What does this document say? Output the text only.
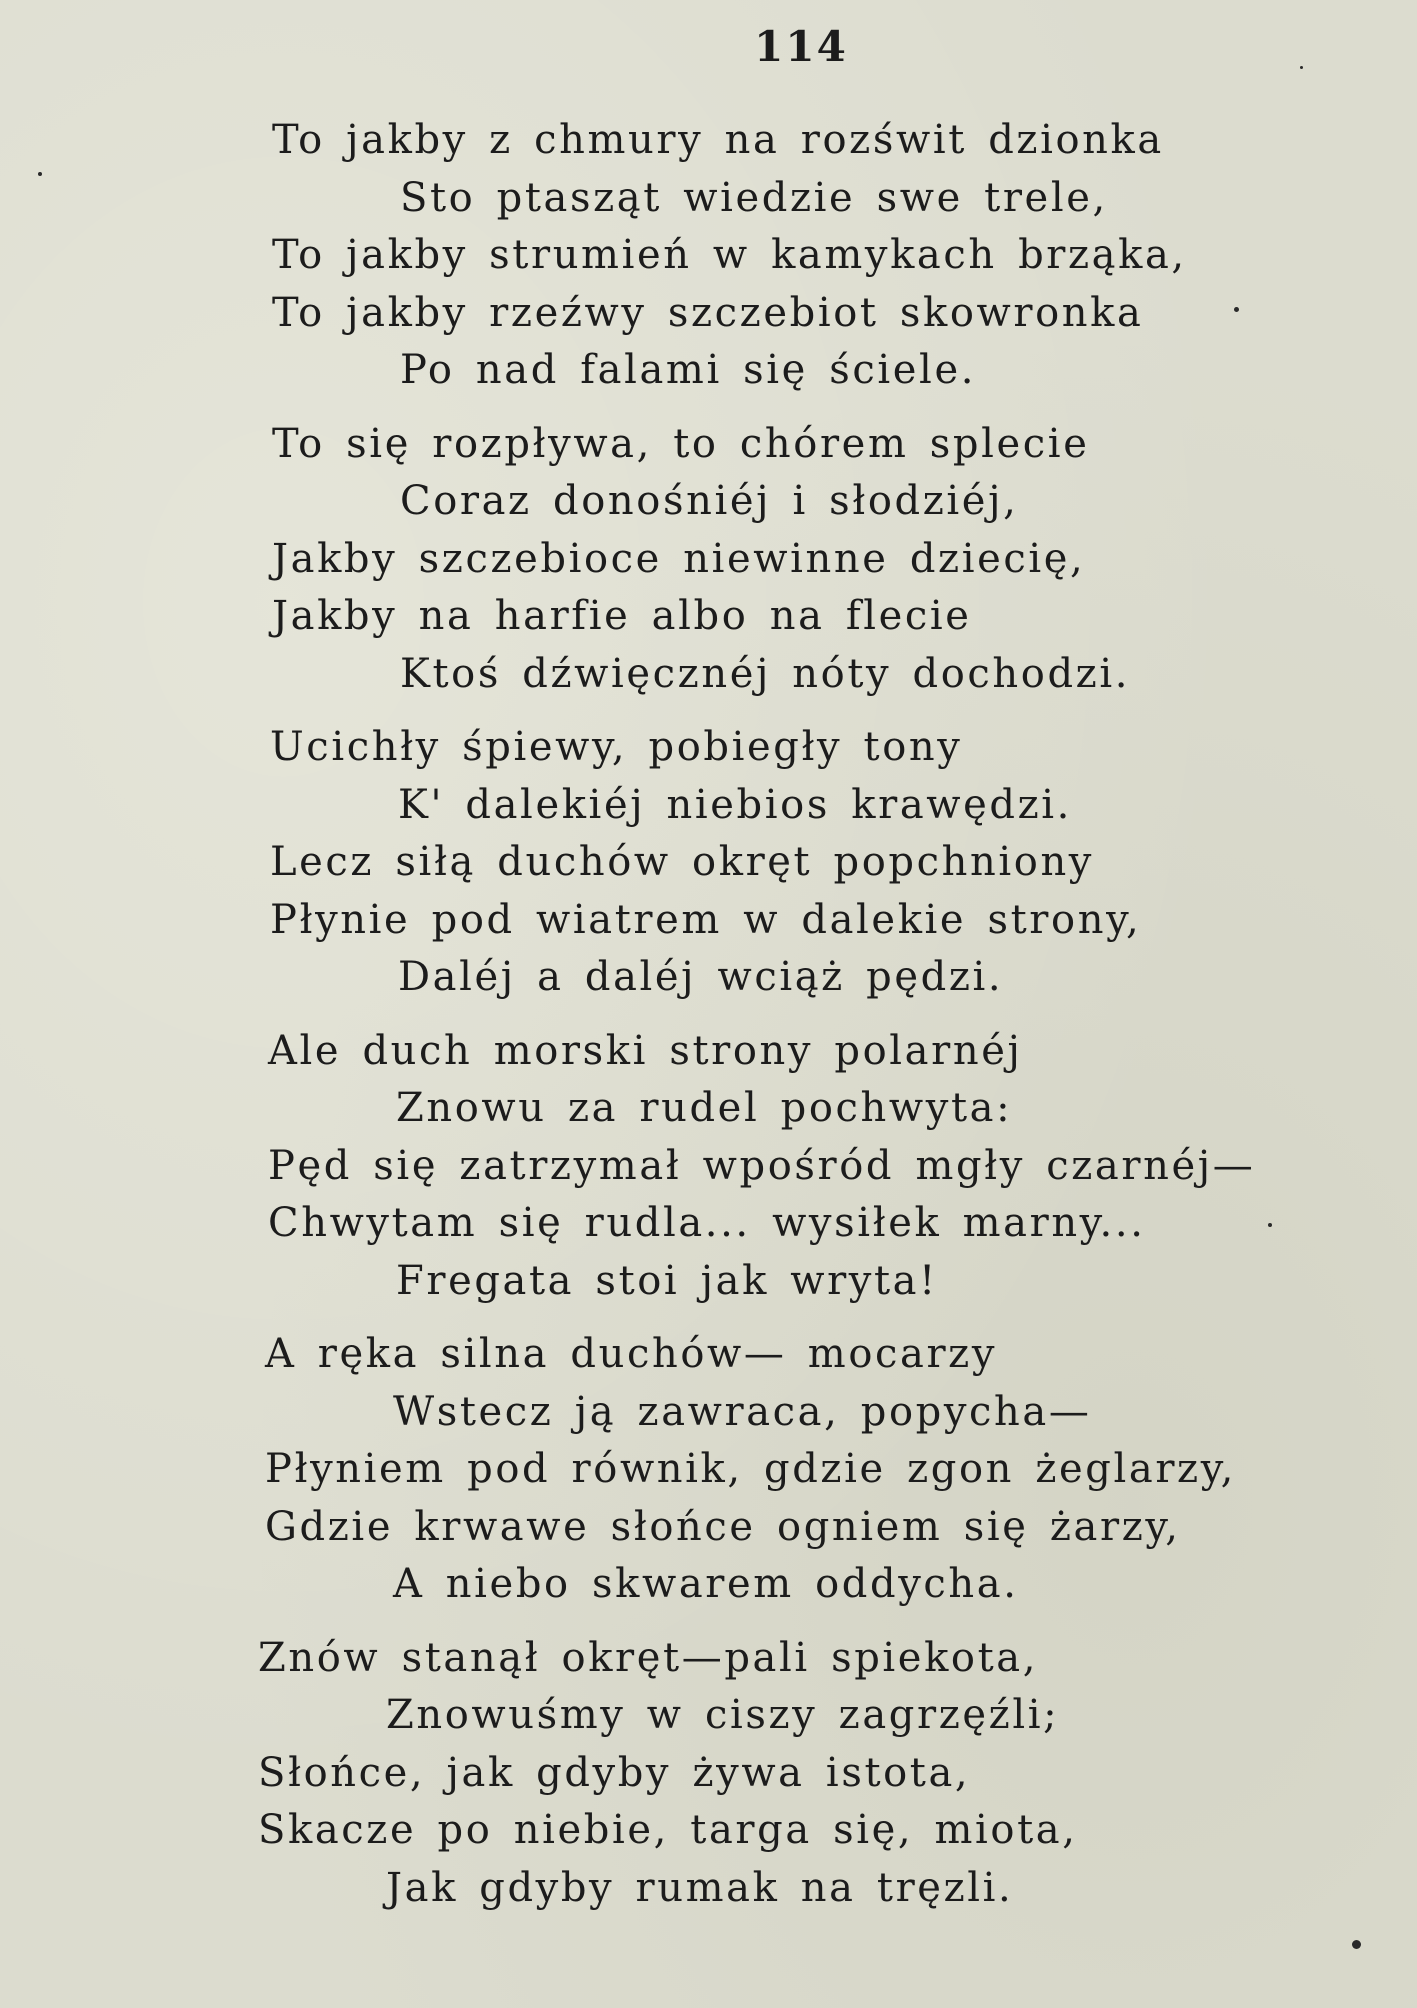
114
To jakby z chmury na rozświt dzionka
Sto ptasząt wiedzie swe trele,
To jakby strumień w kamykach brząka,
To jakby rzeźwy szczebiot skowronka
Po nad falami się ściele.
To się rozpływa, to chórem splecie
Coraz donośniéj i słodziéj,
Jakby szczebioce niewinne dziecię,
Jakby na harfie albo na flecie
Ktoś dźwięcznéj nóty dochodzi.
Ucichły śpiewy, pobiegły tony
K' dalekiéj niebios krawędzi.
Lecz siłą duchów okręt popchniony
Płynie pod wiatrem w dalekie strony,
Daléj a daléj wciąż pędzi.
Ale duch morski strony polarnéj
Znowu za rudel pochwyta:
Pęd się zatrzymał wpośród mgły czarnéj—
Chwytam się rudla... wysiłek marny...
Fregata stoi jak wryta!
A ręka silna duchów— mocarzy
Wstecz ją zawraca, popycha—
Płyniem pod równik, gdzie zgon żeglarzy,
Gdzie krwawe słońce ogniem się żarzy,
A niebo skwarem oddycha.
Znów stanął okręt—pali spiekota,
Znowuśmy w ciszy zagrzęźli;
Słońce, jak gdyby żywa istota,
Skacze po niebie, targa się, miota,
Jak gdyby rumak na tręzli.
